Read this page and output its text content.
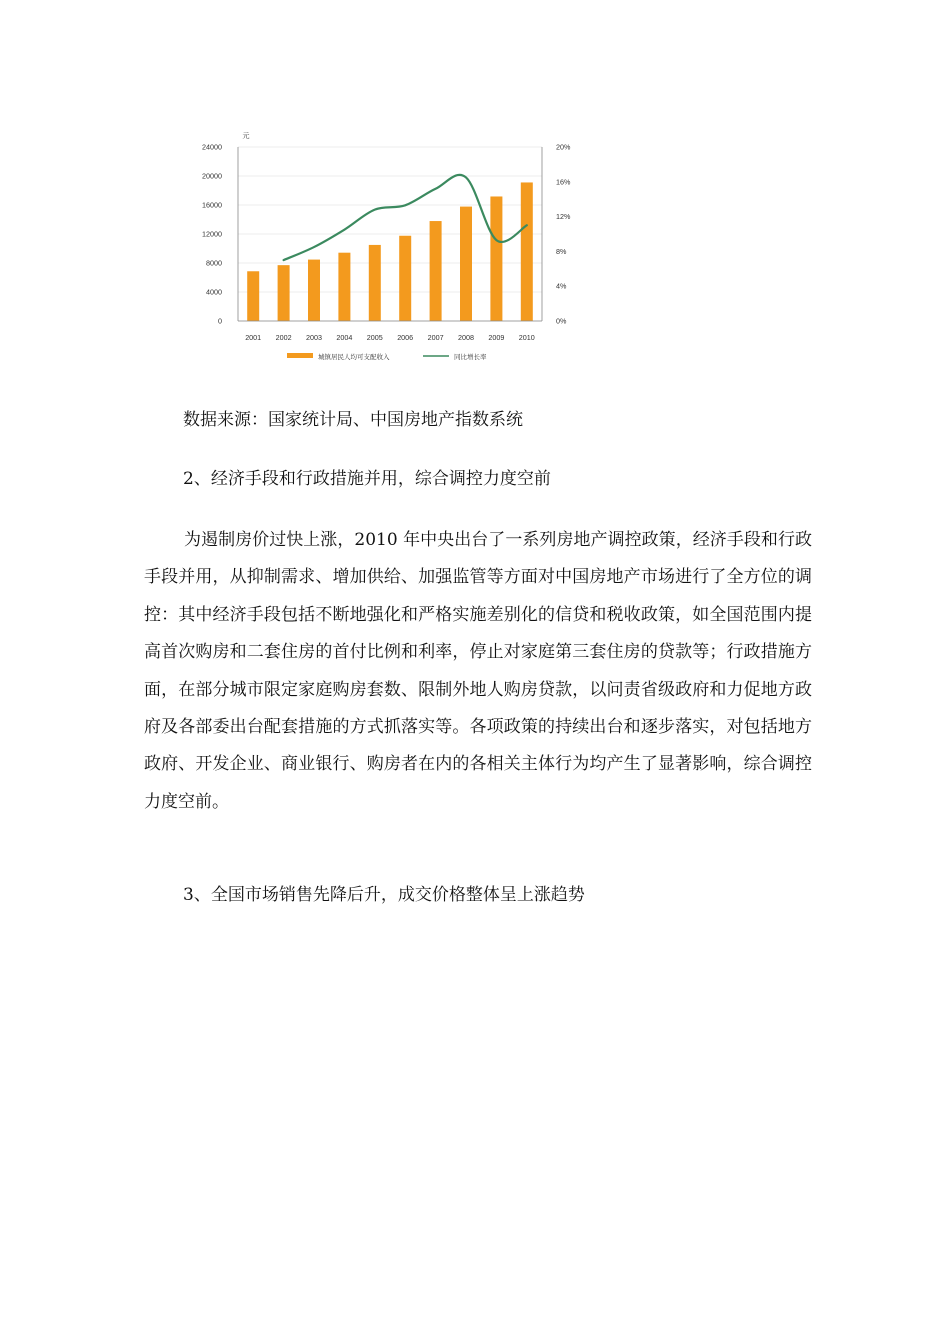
0
4000
8000
12000
16000
20000
24000
0%
4%
8%
12%
16%
20%
2001 2002 2003 2004 2005 2006 2007 2008 2009 2010
元
城镇居民人均可支配收入	同比增长率
数据来源：国家统计局、中国房地产指数系统
2、经济手段和行政措施并用，综合调控力度空前

为遏制房价过快上涨，2010 年中央出台了一系列房地产调控政策，经济手段和行政手段并用，从抑制需求、增加供给、加强监管等方面对中国房地产市场进行了全方位的调控：其中经济手段包括不断地强化和严格实施差别化的信贷和税收政策，如全国范围内提高首次购房和二套住房的首付比例和利率，停止对家庭第三套住房的贷款等；行政措施方面，在部分城市限定家庭购房套数、限制外地人购房贷款，以问责省级政府和力促地方政府及各部委出台配套措施的方式抓落实等。各项政策的持续出台和逐步落实，对包括地方政府、开发企业、商业银行、购房者在内的各相关主体行为均产生了显著影响，综合调控力度空前。

3、全国市场销售先降后升，成交价格整体呈上涨趋势
